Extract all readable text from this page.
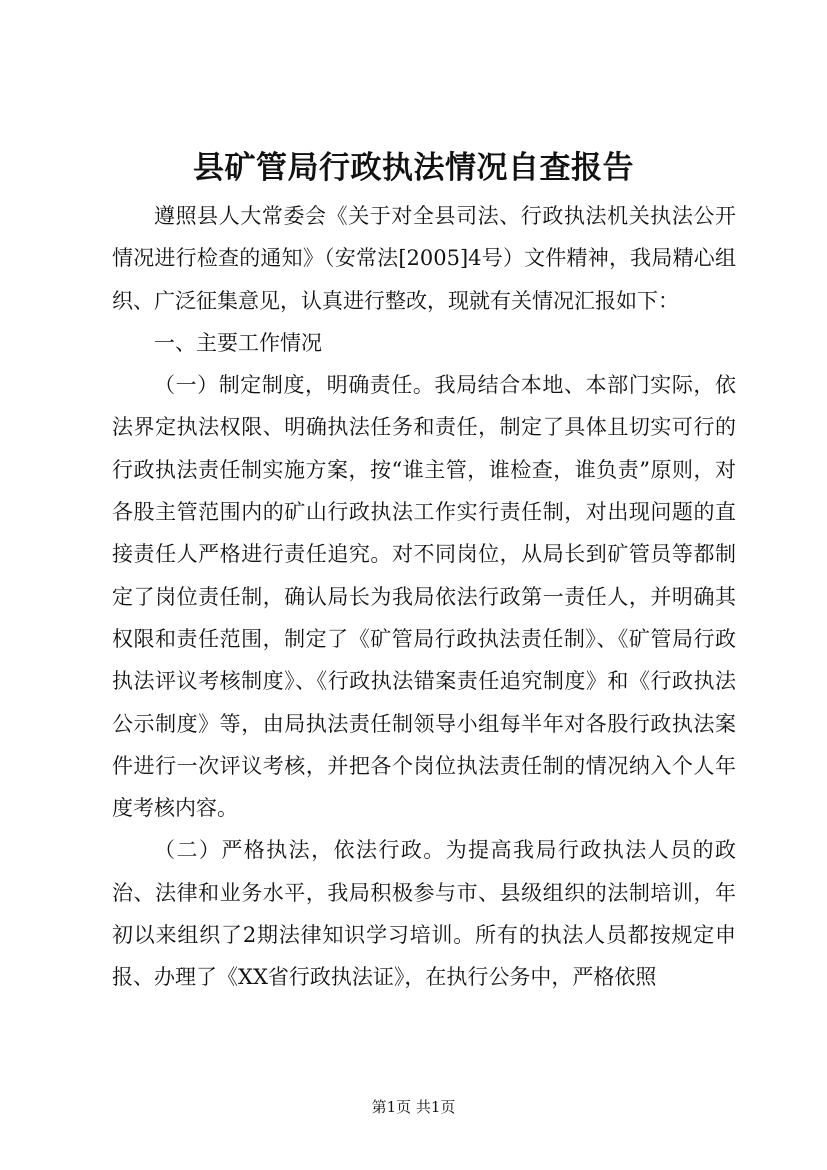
县矿管局行政执法情况自查报告

遵照县人大常委会《关于对全县司法、行政执法机关执法公开情况进行检查的通知》（安常法[2005]4号）文件精神，我局精心组织、广泛征集意见，认真进行整改，现就有关情况汇报如下：

一、主要工作情况

（一）制定制度，明确责任。我局结合本地、本部门实际，依法界定执法权限、明确执法任务和责任，制定了具体且切实可行的行政执法责任制实施方案，按“谁主管，谁检查，谁负责”原则，对各股主管范围内的矿山行政执法工作实行责任制，对出现问题的直接责任人严格进行责任追究。对不同岗位，从局长到矿管员等都制定了岗位责任制，确认局长为我局依法行政第一责任人，并明确其权限和责任范围，制定了《矿管局行政执法责任制》、《矿管局行政执法评议考核制度》、《行政执法错案责任追究制度》和《行政执法公示制度》等，由局执法责任制领导小组每半年对各股行政执法案件进行一次评议考核，并把各个岗位执法责任制的情况纳入个人年度考核内容。

（二）严格执法，依法行政。为提高我局行政执法人员的政治、法律和业务水平，我局积极参与市、县级组织的法制培训，年初以来组织了2期法律知识学习培训。所有的执法人员都按规定申报、办理了《XX省行政执法证》，在执行公务中，严格依照

第1页 共1页
